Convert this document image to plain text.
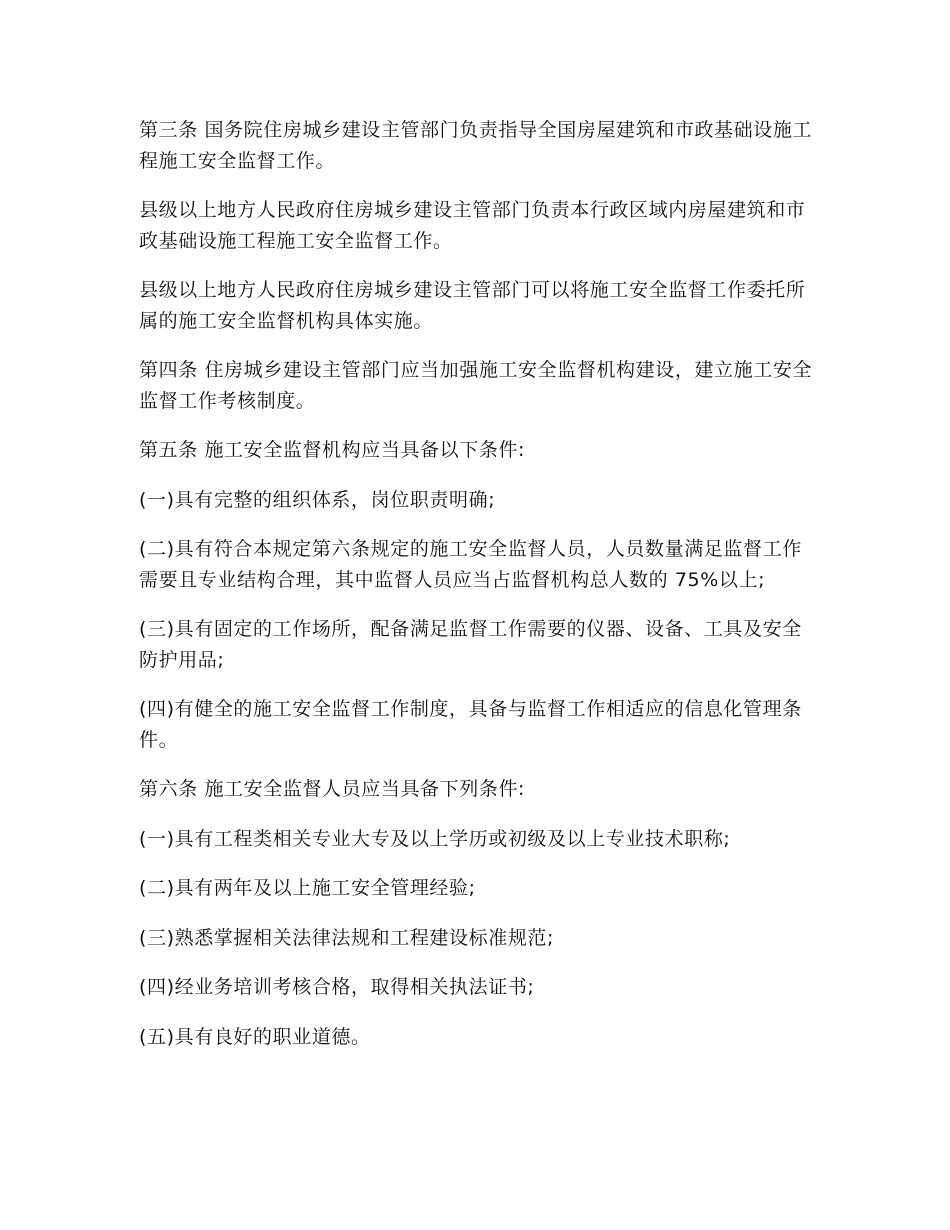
第三条 国务院住房城乡建设主管部门负责指导全国房屋建筑和市政基础设施工程施工安全监督工作。

县级以上地方人民政府住房城乡建设主管部门负责本行政区域内房屋建筑和市政基础设施工程施工安全监督工作。

县级以上地方人民政府住房城乡建设主管部门可以将施工安全监督工作委托所属的施工安全监督机构具体实施。

第四条 住房城乡建设主管部门应当加强施工安全监督机构建设，建立施工安全监督工作考核制度。

第五条 施工安全监督机构应当具备以下条件:

(一)具有完整的组织体系，岗位职责明确;

(二)具有符合本规定第六条规定的施工安全监督人员，人员数量满足监督工作需要且专业结构合理，其中监督人员应当占监督机构总人数的 75%以上;

(三)具有固定的工作场所，配备满足监督工作需要的仪器、设备、工具及安全防护用品;

(四)有健全的施工安全监督工作制度，具备与监督工作相适应的信息化管理条件。

第六条 施工安全监督人员应当具备下列条件:

(一)具有工程类相关专业大专及以上学历或初级及以上专业技术职称;

(二)具有两年及以上施工安全管理经验;

(三)熟悉掌握相关法律法规和工程建设标准规范;

(四)经业务培训考核合格，取得相关执法证书;

(五)具有良好的职业道德。
